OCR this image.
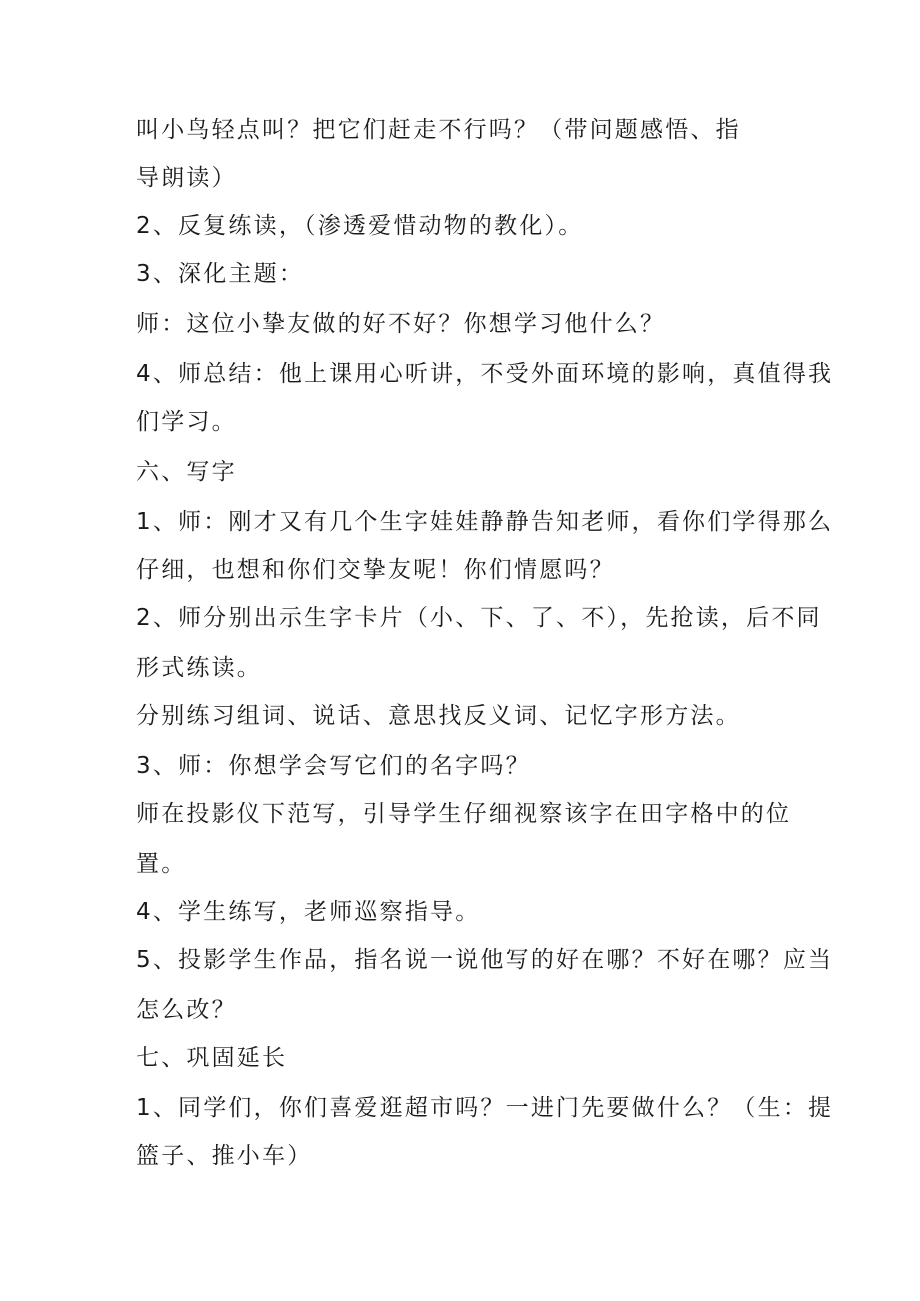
叫小鸟轻点叫？把它们赶走不行吗？（带问题感悟、指
导朗读）
2、反复练读，（渗透爱惜动物的教化）。
3、深化主题：
师：这位小挚友做的好不好？你想学习他什么？
4、师总结：他上课用心听讲，不受外面环境的影响，真值得我
们学习。
六、写字
1、师：刚才又有几个生字娃娃静静告知老师，看你们学得那么
仔细，也想和你们交挚友呢！你们情愿吗？
2、师分别出示生字卡片（小、下、了、不），先抢读，后不同
形式练读。
分别练习组词、说话、意思找反义词、记忆字形方法。
3、师：你想学会写它们的名字吗？
师在投影仪下范写，引导学生仔细视察该字在田字格中的位
置。
4、学生练写，老师巡察指导。
5、投影学生作品，指名说一说他写的好在哪？不好在哪？应当
怎么改？
七、巩固延长
1、同学们，你们喜爱逛超市吗？一进门先要做什么？（生：提
篮子、推小车）
